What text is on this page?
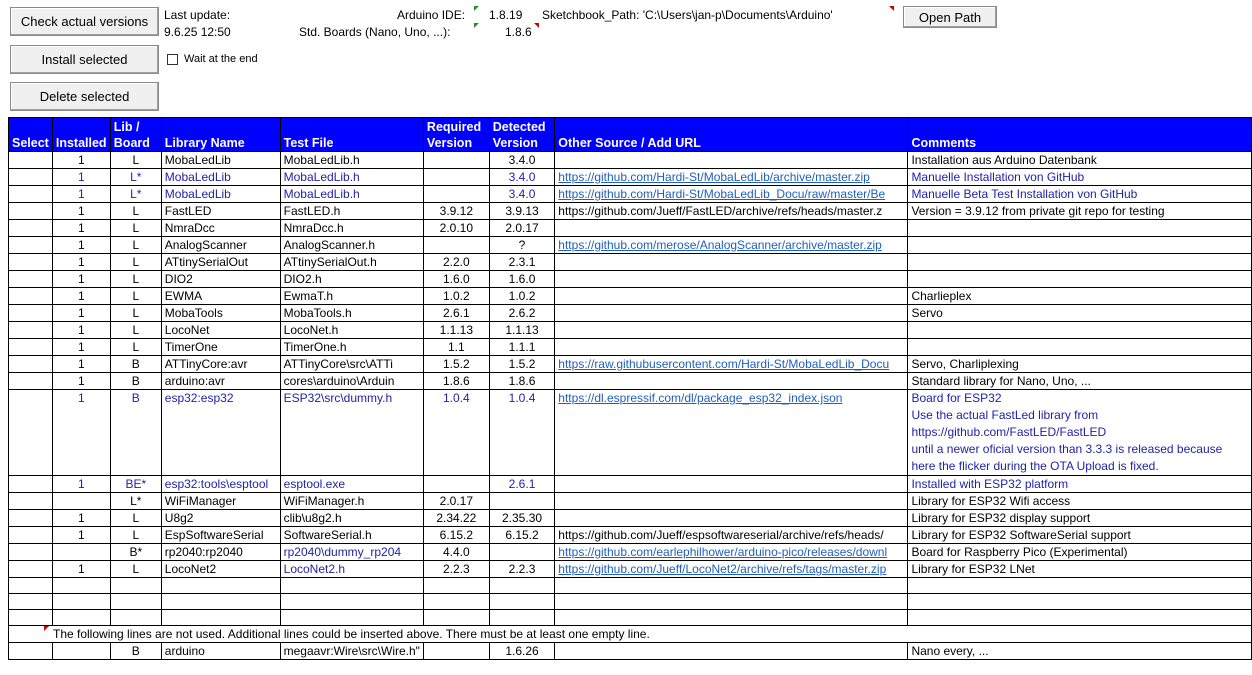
Check actual versions
Install selected
Delete selected
Open Path
Wait at the end
Last update:
9.6.25 12:50
Arduino IDE: 1.8.19
Std. Boards (Nano, Uno, ...):	1.8.6
Sketchbook_Path: 'C:\Users\jan-p\Documents\Arduino'
Select	Installed	Lib / Board	Library Name	Test File	Required Version	Detected Version	Other Source / Add URL	Comments
	1	L	MobaLedLib	MobaLedLib.h		3.4.0		Installation aus Arduino Datenbank
	1	L*	MobaLedLib	MobaLedLib.h		3.4.0	https://github.com/Hardi-St/MobaLedLib/archive/master.zip	Manuelle Installation von GitHub
	1	L*	MobaLedLib	MobaLedLib.h		3.4.0	https://github.com/Hardi-St/MobaLedLib_Docu/raw/master/Be	Manuelle Beta Test Installation von GitHub
	1	L	FastLED	FastLED.h	3.9.12	3.9.13	https://github.com/Jueff/FastLED/archive/refs/heads/master.z	Version = 3.9.12 from private git repo for testing
	1	L	NmraDcc	NmraDcc.h	2.0.10	2.0.17		
	1	L	AnalogScanner	AnalogScanner.h		?	https://github.com/merose/AnalogScanner/archive/master.zip	
	1	L	ATtinySerialOut	ATtinySerialOut.h	2.2.0	2.3.1		
	1	L	DIO2	DIO2.h	1.6.0	1.6.0		
	1	L	EWMA	EwmaT.h	1.0.2	1.0.2		Charlieplex
	1	L	MobaTools	MobaTools.h	2.6.1	2.6.2		Servo
	1	L	LocoNet	LocoNet.h	1.1.13	1.1.13		
	1	L	TimerOne	TimerOne.h	1.1	1.1.1		
	1	B	ATTinyCore:avr	ATTinyCore\src\ATTi	1.5.2	1.5.2	https://raw.githubusercontent.com/Hardi-St/MobaLedLib_Docu	Servo, Charliplexing
	1	B	arduino:avr	cores\arduino\Arduin	1.8.6	1.8.6		Standard library for Nano, Uno, ...
	1	B	esp32:esp32	ESP32\src\dummy.h	1.0.4	1.0.4	https://dl.espressif.com/dl/package_esp32_index.json	Board for ESP32
Use the actual FastLed library from
https://github.com/FastLED/FastLED
until a newer oficial version than 3.3.3 is released because
here the flicker during the OTA Upload is fixed.

	1	BE*	esp32:tools\esptool	esptool.exe		2.6.1		Installed with ESP32 platform
		L*	WiFiManager	WiFiManager.h	2.0.17			Library for ESP32 Wifi access
	1	L	U8g2	clib\u8g2.h	2.34.22	2.35.30		Library for ESP32 display support
	1	L	EspSoftwareSerial	SoftwareSerial.h	6.15.2	6.15.2	https://github.com/Jueff/espsoftwareserial/archive/refs/heads/	Library for ESP32 SoftwareSerial support
		B*	rp2040:rp2040	rp2040\dummy_rp204	4.4.0		https://github.com/earlephilhower/arduino-pico/releases/downl	Board for Raspberry Pico (Experimental)
	1	L	LocoNet2	LocoNet2.h	2.2.3	2.2.3	https://github.com/Jueff/LocoNet2/archive/refs/tags/master.zip	Library for ESP32 LNet

The following lines are not used. Additional lines could be inserted above. There must be at least one empty line.								

		B	arduino	megaavr:Wire\src\Wire.h"		1.6.26		Nano every, ...
